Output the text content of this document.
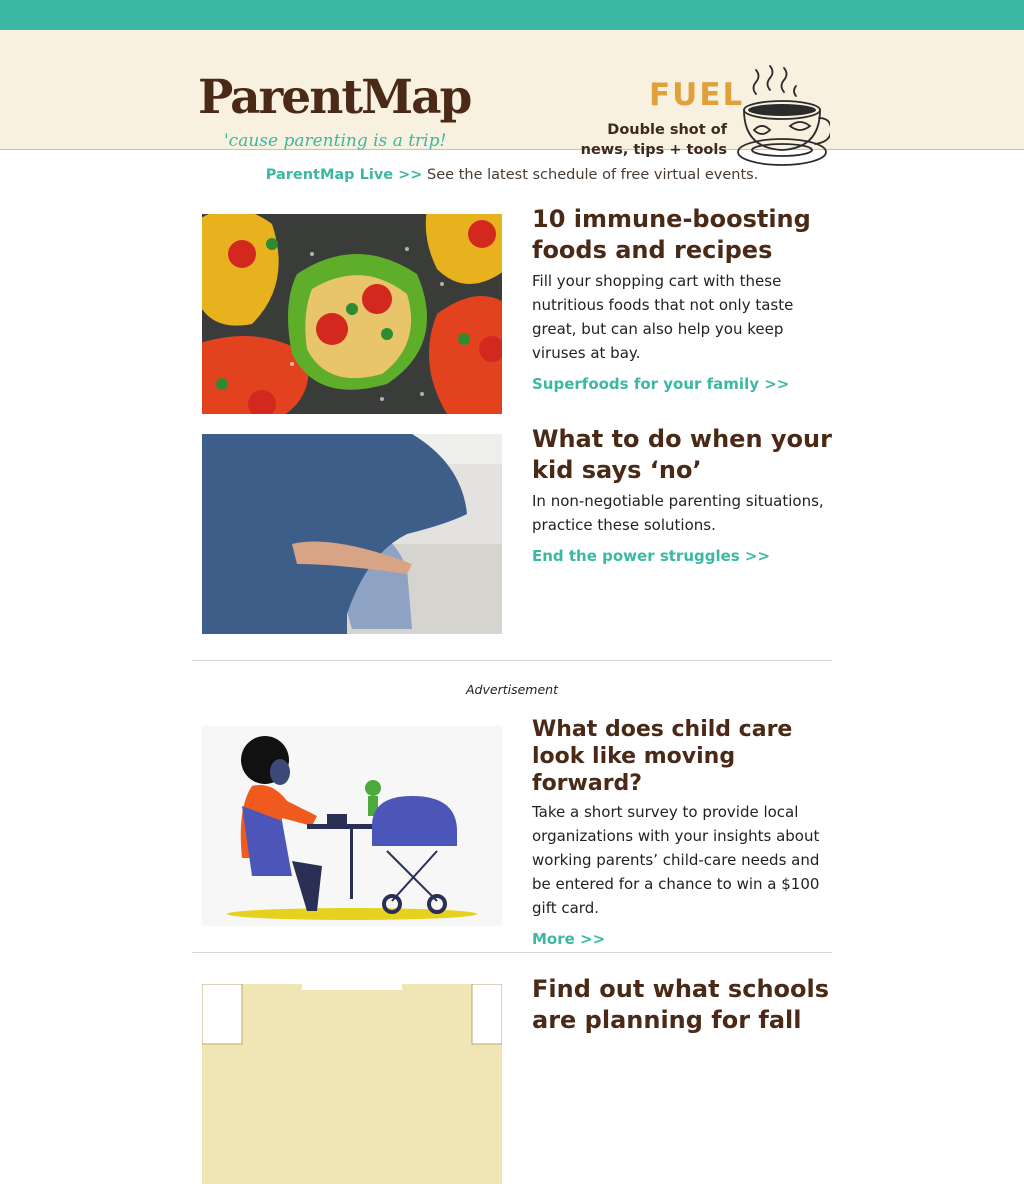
ParentMap
'cause parenting is a trip!
FUEL
Double shot of
news, tips + tools
ParentMap Live >> See the latest schedule of free virtual events.
10 immune-boosting foods and recipes
Fill your shopping cart with these nutritious foods that not only taste great, but can also help you keep viruses at bay.
Superfoods for your family >>
What to do when your kid says ‘no’
In non-negotiable parenting situations, practice these solutions.
End the power struggles >>
Advertisement
What does child care look like moving forward?
Take a short survey to provide local organizations with your insights about working parents’ child-care needs and be entered for a chance to win a $100 gift card.
More >>
Find out what schools are planning for fall
